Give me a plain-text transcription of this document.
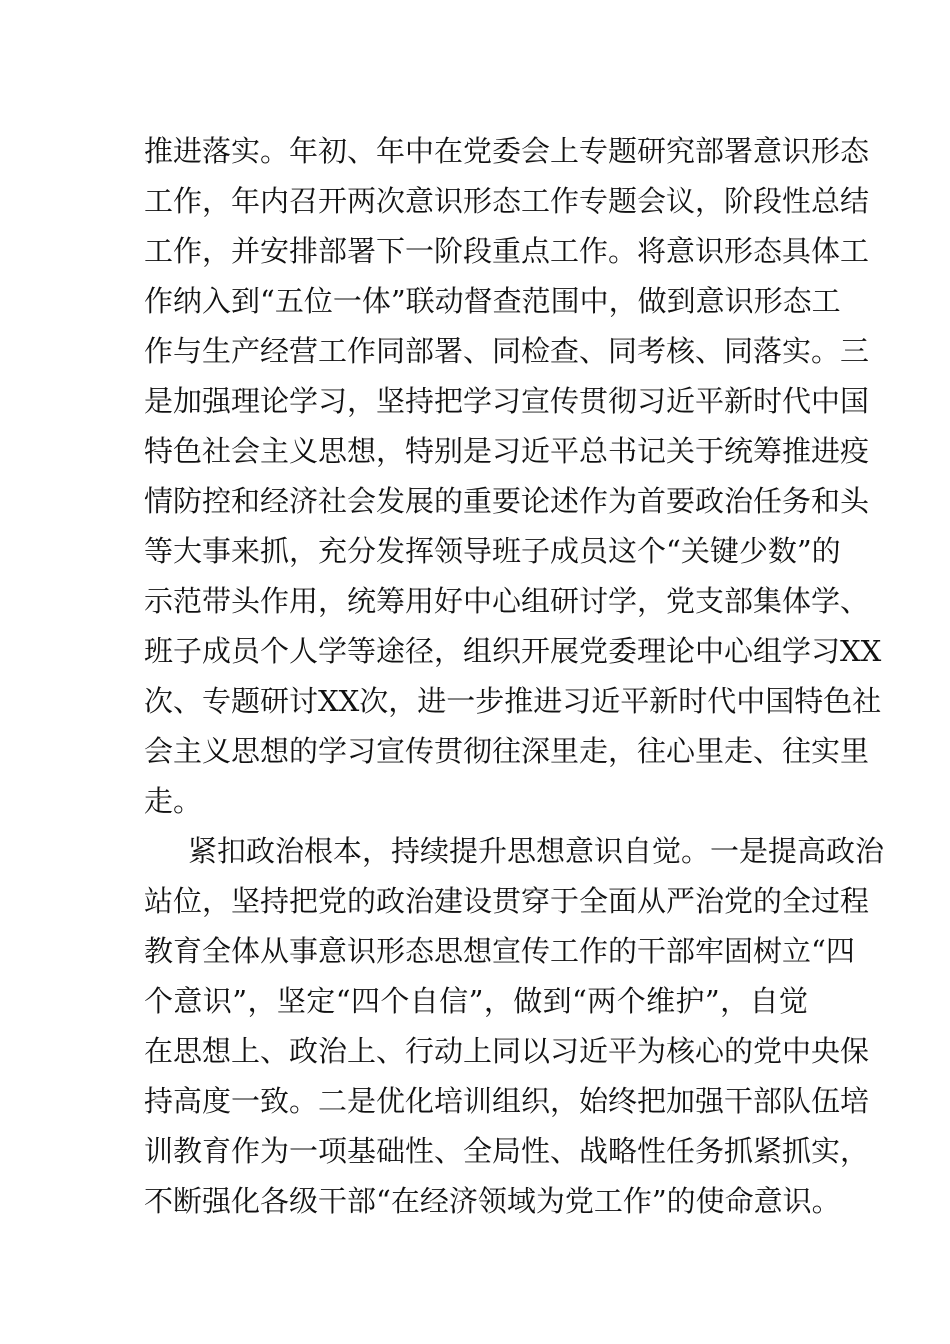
推进落实。年初、年中在党委会上专题研究部署意识形态
工作，年内召开两次意识形态工作专题会议，阶段性总结
工作，并安排部署下一阶段重点工作。将意识形态具体工
作纳入到“五位一体”联动督查范围中，做到意识形态工
作与生产经营工作同部署、同检查、同考核、同落实。三
是加强理论学习，坚持把学习宣传贯彻习近平新时代中国
特色社会主义思想，特别是习近平总书记关于统筹推进疫
情防控和经济社会发展的重要论述作为首要政治任务和头
等大事来抓，充分发挥领导班子成员这个“关键少数”的
示范带头作用，统筹用好中心组研讨学，党支部集体学、
班子成员个人学等途径，组织开展党委理论中心组学习XX
次、专题研讨XX次，进一步推进习近平新时代中国特色社
会主义思想的学习宣传贯彻往深里走，往心里走、往实里
走。
紧扣政治根本，持续提升思想意识自觉。一是提高政治
站位，坚持把党的政治建设贯穿于全面从严治党的全过程
教育全体从事意识形态思想宣传工作的干部牢固树立“四
个意识”，坚定“四个自信”，做到“两个维护”，自觉
在思想上、政治上、行动上同以习近平为核心的党中央保
持高度一致。二是优化培训组织，始终把加强干部队伍培
训教育作为一项基础性、全局性、战略性任务抓紧抓实，
不断强化各级干部“在经济领域为党工作”的使命意识。
